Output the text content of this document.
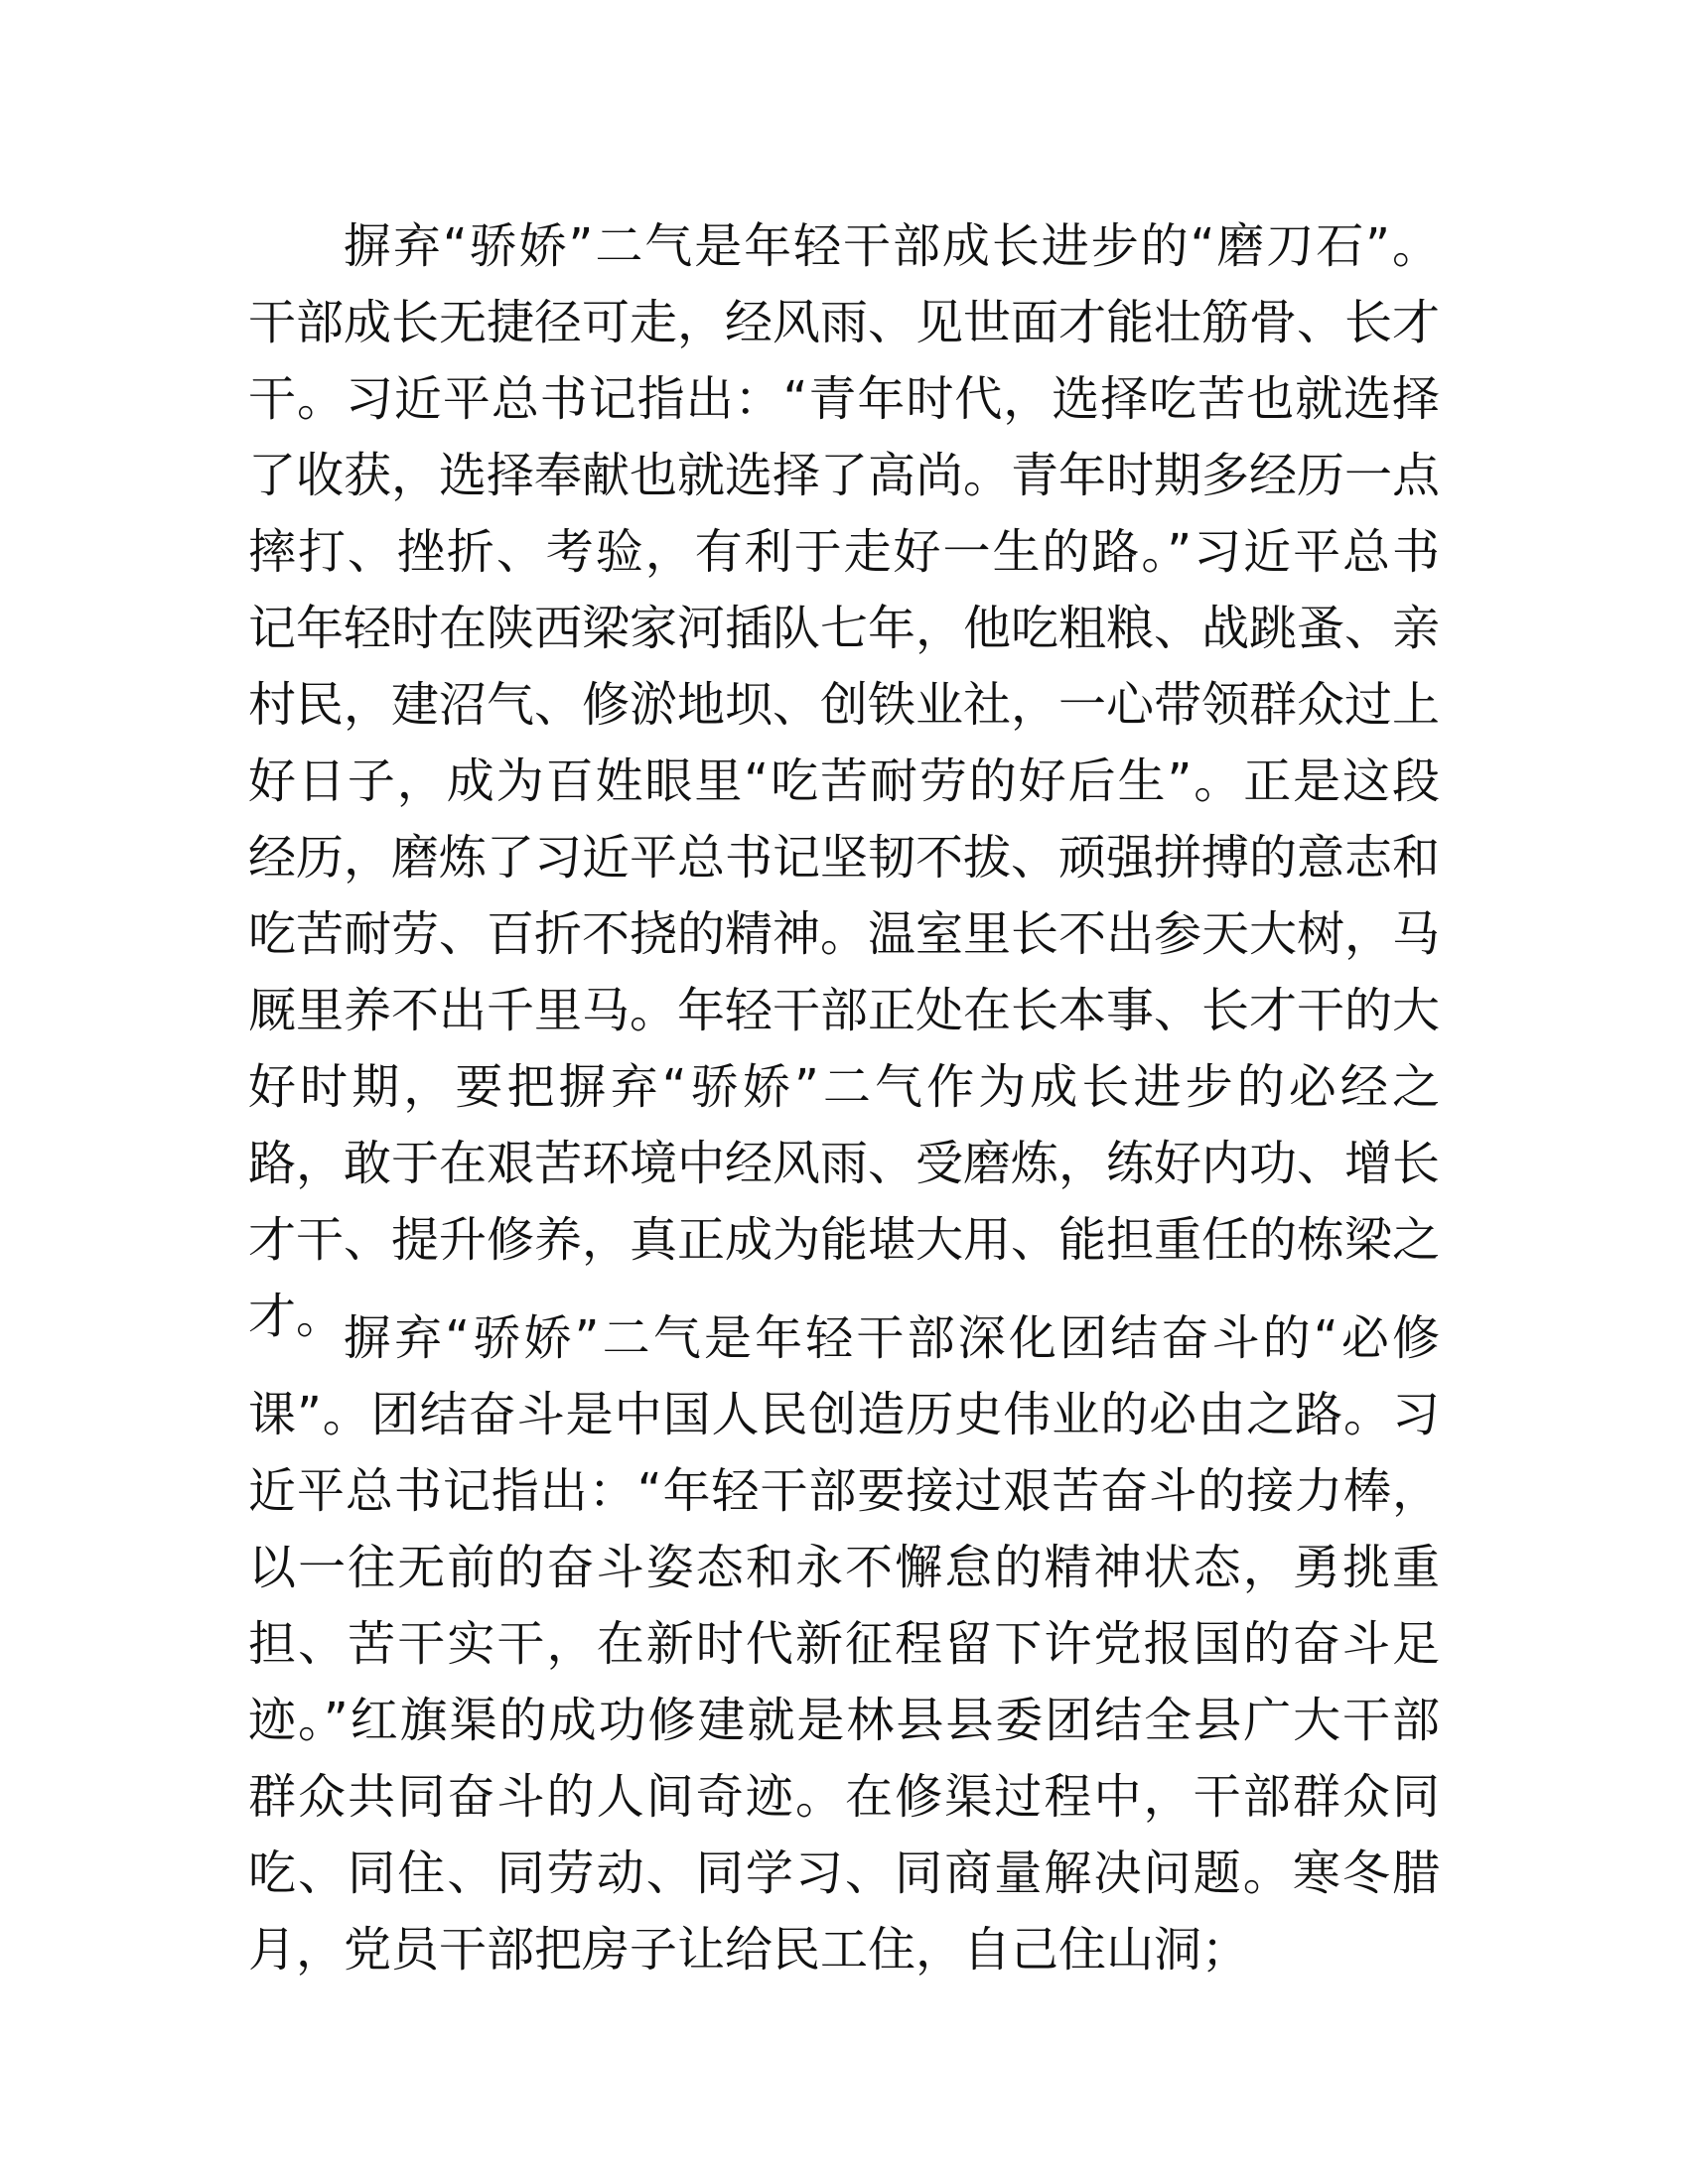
摒弃“骄娇”二气是年轻干部成长进步的“磨刀石”。干部成长无捷径可走，经风雨、见世面才能壮筋骨、长才干。习近平总书记指出：“青年时代，选择吃苦也就选择了收获，选择奉献也就选择了高尚。青年时期多经历一点摔打、挫折、考验，有利于走好一生的路。”习近平总书记年轻时在陕西梁家河插队七年，他吃粗粮、战跳蚤、亲村民，建沼气、修淤地坝、创铁业社，一心带领群众过上好日子，成为百姓眼里“吃苦耐劳的好后生”。正是这段经历，磨炼了习近平总书记坚韧不拔、顽强拼搏的意志和吃苦耐劳、百折不挠的精神。温室里长不出参天大树，马厩里养不出千里马。年轻干部正处在长本事、长才干的大好时期，要把摒弃“骄娇”二气作为成长进步的必经之路，敢于在艰苦环境中经风雨、受磨炼，练好内功、增长才干、提升修养，真正成为能堪大用、能担重任的栋梁之才。 摒弃“骄娇”二气是年轻干部深化团结奋斗的“必修课”。团结奋斗是中国人民创造历史伟业的必由之路。习近平总书记指出：“年轻干部要接过艰苦奋斗的接力棒，以一往无前的奋斗姿态和永不懈怠的精神状态，勇挑重担、苦干实干，在新时代新征程留下许党报国的奋斗足迹。”红旗渠的成功修建就是林县县委团结全县广大干部群众共同奋斗的人间奇迹。在修渠过程中，干部群众同吃、同住、同劳动、同学习、同商量解决问题。寒冬腊月，党员干部把房子让给民工住，自己住山洞；
